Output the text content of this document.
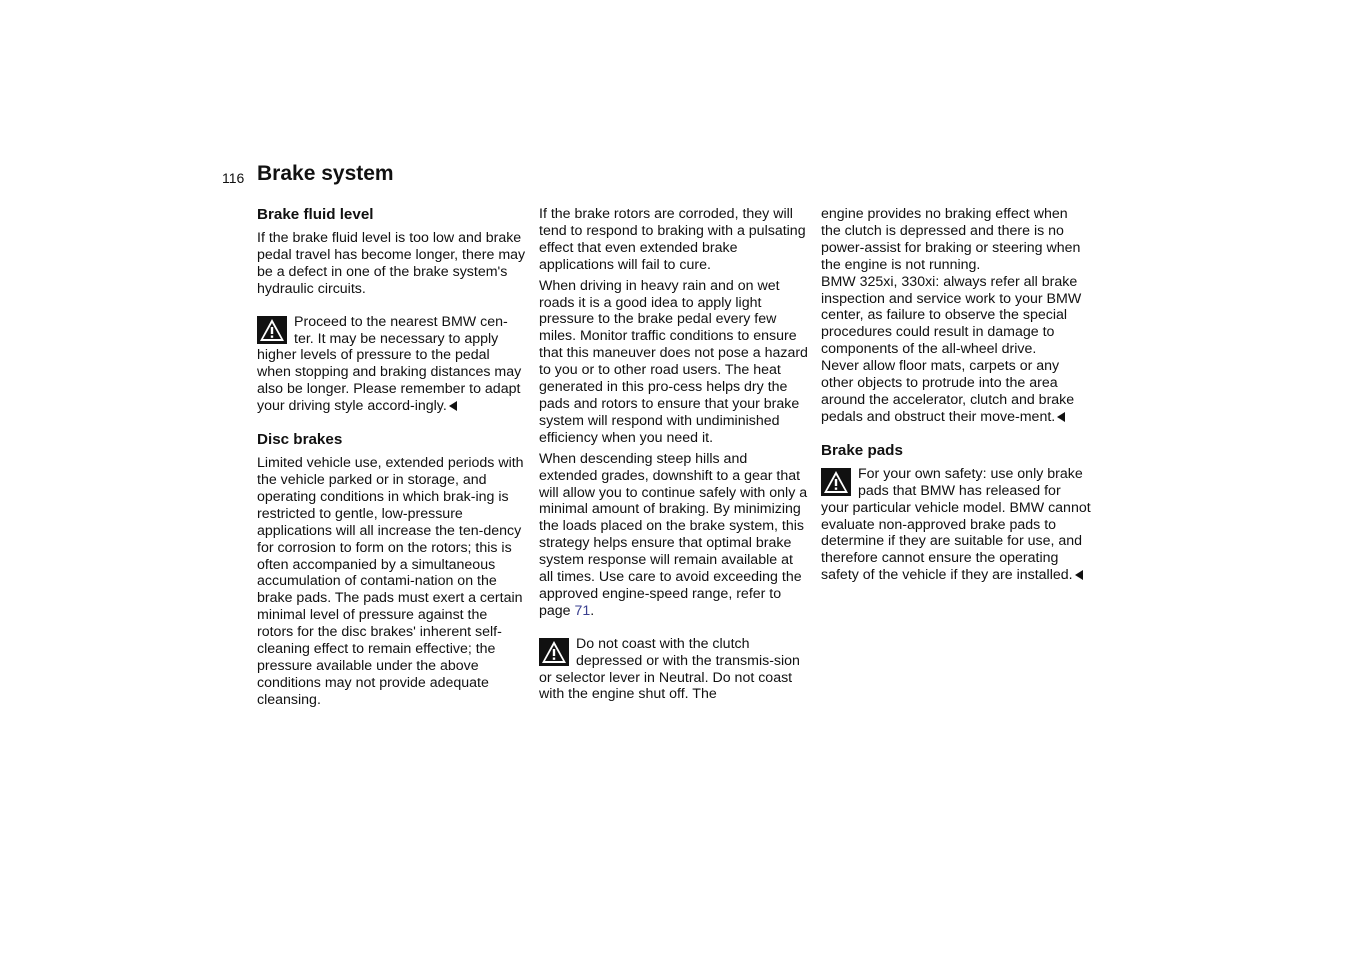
116 Brake system
Brake fluid level

If the brake fluid level is too low and brake pedal travel has become longer, there may be a defect in one of the brake system's hydraulic circuits.

Proceed to the nearest BMW cen-ter. It may be necessary to apply higher levels of pressure to the pedal when stopping and braking distances may also be longer. Please remember to adapt your driving style accord-ingly.
Disc brakes

Limited vehicle use, extended periods with the vehicle parked or in storage, and operating conditions in which brak-ing is restricted to gentle, low-pressure applications will all increase the ten-dency for corrosion to form on the rotors; this is often accompanied by a simultaneous accumulation of contami-nation on the brake pads. The pads must exert a certain minimal level of pressure against the rotors for the disc brakes' inherent self-cleaning effect to remain effective; the pressure available under the above conditions may not provide adequate cleansing.

If the brake rotors are corroded, they will tend to respond to braking with a pulsating effect that even extended brake applications will fail to cure.

When driving in heavy rain and on wet roads it is a good idea to apply light pressure to the brake pedal every few miles. Monitor traffic conditions to ensure that this maneuver does not pose a hazard to you or to other road users. The heat generated in this pro-cess helps dry the pads and rotors to ensure that your brake system will respond with undiminished efficiency when you need it.

When descending steep hills and extended grades, downshift to a gear that will allow you to continue safely with only a minimal amount of braking. By minimizing the loads placed on the brake system, this strategy helps ensure that optimal brake system response will remain available at all times. Use care to avoid exceeding the approved engine-speed range, refer to page 71.

Do not coast with the clutch depressed or with the transmis-sion or selector lever in Neutral. Do not coast with the engine shut off. The

engine provides no braking effect when the clutch is depressed and there is no power-assist for braking or steering when the engine is not running.

BMW 325xi, 330xi: always refer all brake inspection and service work to your BMW center, as failure to observe the special procedures could result in damage to components of the all-wheel drive.

Never allow floor mats, carpets or any other objects to protrude into the area around the accelerator, clutch and brake pedals and obstruct their move-ment.

Brake pads
For your own safety: use only brake pads that BMW has released for your particular vehicle model. BMW cannot evaluate non-approved brake pads to determine if they are suitable for use, and therefore cannot ensure the operating safety of the vehicle if they are installed.
